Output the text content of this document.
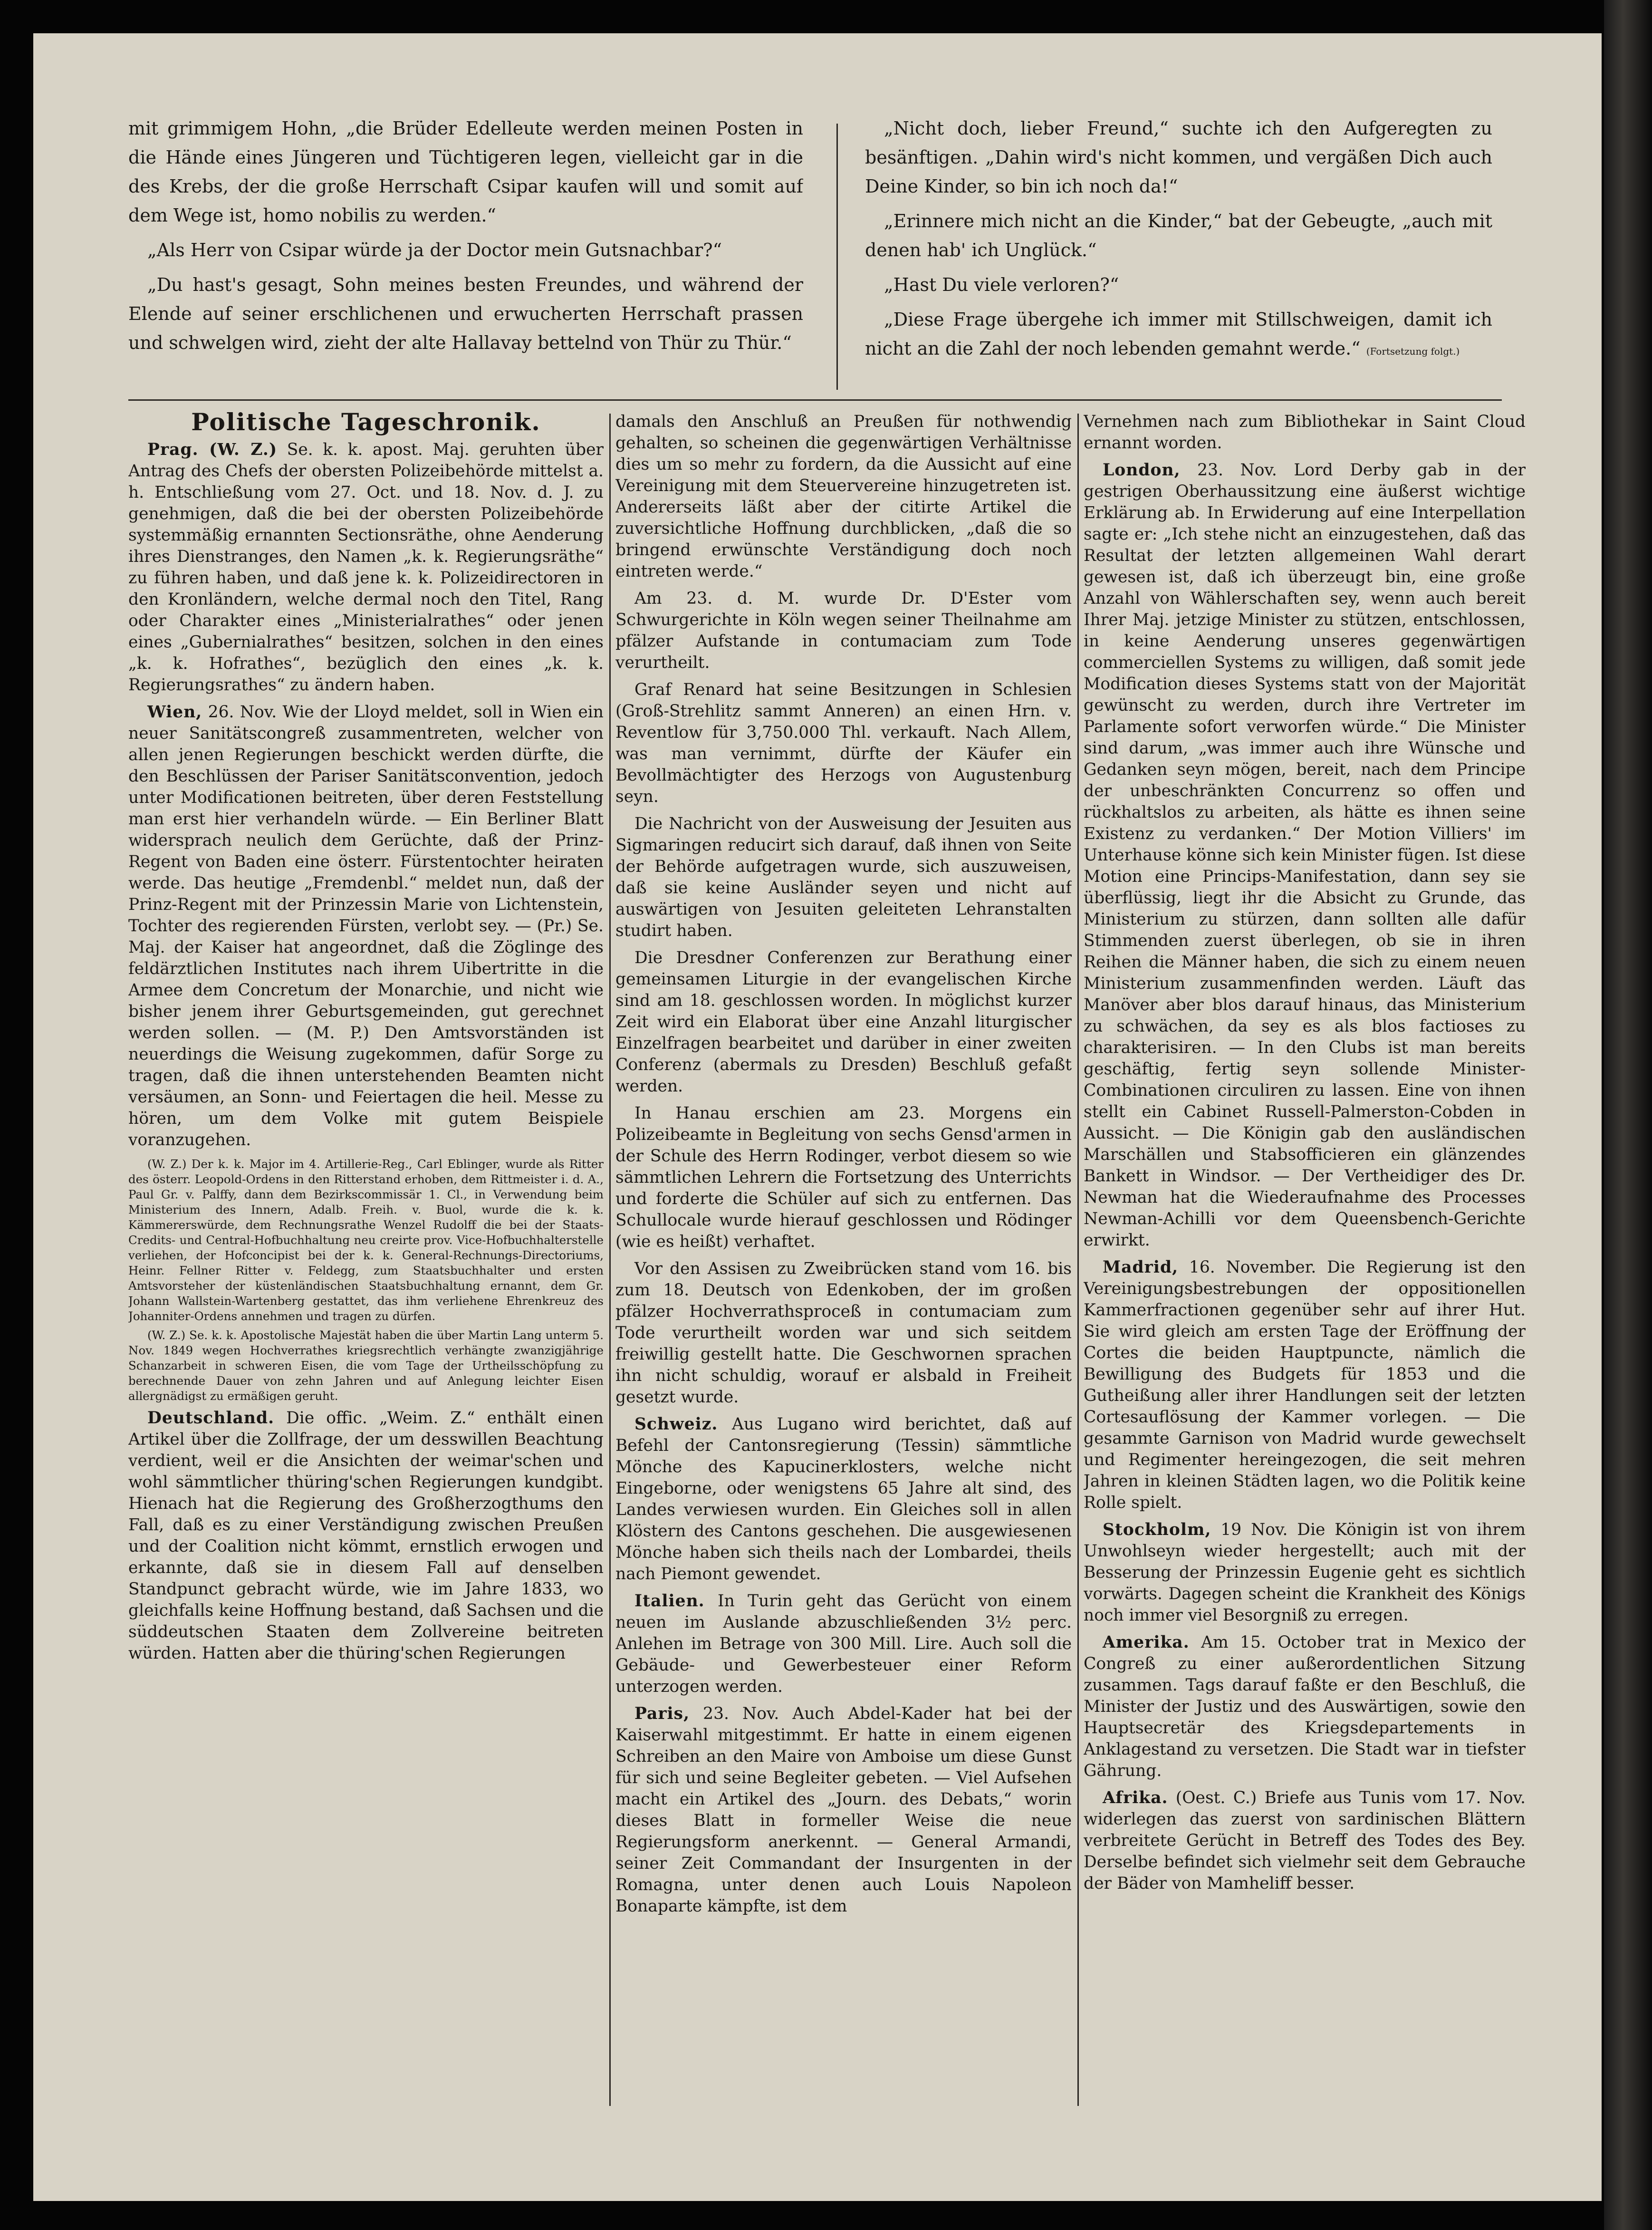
mit grimmigem Hohn, „die Brüder Edelleute werden meinen Posten in die Hände eines Jüngeren und Tüchtigeren legen, vielleicht gar in die des Krebs, der die große Herrschaft Csipar kaufen will und somit auf dem Wege ist, homo nobilis zu werden.“

„Als Herr von Csipar würde ja der Doctor mein Gutsnachbar?“

„Du hast's gesagt, Sohn meines besten Freundes, und während der Elende auf seiner erschlichenen und erwucherten Herrschaft prassen und schwelgen wird, zieht der alte Hallavay bettelnd von Thür zu Thür.“

„Nicht doch, lieber Freund,“ suchte ich den Aufgeregten zu besänftigen. „Dahin wird's nicht kommen, und vergäßen Dich auch Deine Kinder, so bin ich noch da!“

„Erinnere mich nicht an die Kinder,“ bat der Gebeugte, „auch mit denen hab' ich Unglück.“

„Hast Du viele verloren?“

„Diese Frage übergehe ich immer mit Stillschweigen, damit ich nicht an die Zahl der noch lebenden gemahnt werde.“ (Fortsetzung folgt.)

Politische Tageschronik.

Prag. (W. Z.) Se. k. k. apost. Maj. geruhten über Antrag des Chefs der obersten Polizeibehörde mittelst a. h. Entschließung vom 27. Oct. und 18. Nov. d. J. zu genehmigen, daß die bei der obersten Polizeibehörde systemmäßig ernannten Sectionsräthe, ohne Aenderung ihres Dienstranges, den Namen „k. k. Regierungsräthe“ zu führen haben, und daß jene k. k. Polizeidirectoren in den Kronländern, welche dermal noch den Titel, Rang oder Charakter eines „Ministerialrathes“ oder jenen eines „Gubernialrathes“ besitzen, solchen in den eines „k. k. Hofrathes“, bezüglich den eines „k. k. Regierungsrathes“ zu ändern haben.

Wien, 26. Nov. Wie der Lloyd meldet, soll in Wien ein neuer Sanitätscongreß zusammentreten, welcher von allen jenen Regierungen beschickt werden dürfte, die den Beschlüssen der Pariser Sanitätsconvention, jedoch unter Modificationen beitreten, über deren Feststellung man erst hier verhandeln würde. — Ein Berliner Blatt widersprach neulich dem Gerüchte, daß der Prinz-Regent von Baden eine österr. Fürstentochter heiraten werde. Das heutige „Fremdenbl.“ meldet nun, daß der Prinz-Regent mit der Prinzessin Marie von Lichtenstein, Tochter des regierenden Fürsten, verlobt sey. — (Pr.) Se. Maj. der Kaiser hat angeordnet, daß die Zöglinge des feldärztlichen Institutes nach ihrem Uibertritte in die Armee dem Concretum der Monarchie, und nicht wie bisher jenem ihrer Geburtsgemeinden, gut gerechnet werden sollen. — (M. P.) Den Amtsvorständen ist neuerdings die Weisung zugekommen, dafür Sorge zu tragen, daß die ihnen unterstehenden Beamten nicht versäumen, an Sonn- und Feiertagen die heil. Messe zu hören, um dem Volke mit gutem Beispiele voranzugehen.

(W. Z.) Der k. k. Major im 4. Artillerie-Reg., Carl Eblinger, wurde als Ritter des österr. Leopold-Ordens in den Ritterstand erhoben, dem Rittmeister i. d. A., Paul Gr. v. Palffy, dann dem Bezirkscommissär 1. Cl., in Verwendung beim Ministerium des Innern, Adalb. Freih. v. Buol, wurde die k. k. Kämmererswürde, dem Rechnungsrathe Wenzel Rudolff die bei der Staats-Credits- und Central-Hofbuchhaltung neu creirte prov. Vice-Hofbuchhalterstelle verliehen, der Hofconcipist bei der k. k. General-Rechnungs-Directoriums, Heinr. Fellner Ritter v. Feldegg, zum Staatsbuchhalter und ersten Amtsvorsteher der küstenländischen Staatsbuchhaltung ernannt, dem Gr. Johann Wallstein-Wartenberg gestattet, das ihm verliehene Ehrenkreuz des Johanniter-Ordens annehmen und tragen zu dürfen.

(W. Z.) Se. k. k. Apostolische Majestät haben die über Martin Lang unterm 5. Nov. 1849 wegen Hochverrathes kriegsrechtlich verhängte zwanzigjährige Schanzarbeit in schweren Eisen, die vom Tage der Urtheilsschöpfung zu berechnende Dauer von zehn Jahren und auf Anlegung leichter Eisen allergnädigst zu ermäßigen geruht.

Deutschland. Die offic. „Weim. Z.“ enthält einen Artikel über die Zollfrage, der um desswillen Beachtung verdient, weil er die Ansichten der weimar'schen und wohl sämmtlicher thüring'schen Regierungen kundgibt. Hienach hat die Regierung des Großherzogthums den Fall, daß es zu einer Verständigung zwischen Preußen und der Coalition nicht kömmt, ernstlich erwogen und erkannte, daß sie in diesem Fall auf denselben Standpunct gebracht würde, wie im Jahre 1833, wo gleichfalls keine Hoffnung bestand, daß Sachsen und die süddeutschen Staaten dem Zollvereine beitreten würden. Hatten aber die thüring'schen Regierungen

damals den Anschluß an Preußen für nothwendig gehalten, so scheinen die gegenwärtigen Verhältnisse dies um so mehr zu fordern, da die Aussicht auf eine Vereinigung mit dem Steuervereine hinzugetreten ist. Andererseits läßt aber der citirte Artikel die zuversichtliche Hoffnung durchblicken, „daß die so bringend erwünschte Verständigung doch noch eintreten werde.“

Am 23. d. M. wurde Dr. D'Ester vom Schwurgerichte in Köln wegen seiner Theilnahme am pfälzer Aufstande in contumaciam zum Tode verurtheilt.

Graf Renard hat seine Besitzungen in Schlesien (Groß-Strehlitz sammt Anneren) an einen Hrn. v. Reventlow für 3,750.000 Thl. verkauft. Nach Allem, was man vernimmt, dürfte der Käufer ein Bevollmächtigter des Herzogs von Augustenburg seyn.

Die Nachricht von der Ausweisung der Jesuiten aus Sigmaringen reducirt sich darauf, daß ihnen von Seite der Behörde aufgetragen wurde, sich auszuweisen, daß sie keine Ausländer seyen und nicht auf auswärtigen von Jesuiten geleiteten Lehranstalten studirt haben.

Die Dresdner Conferenzen zur Berathung einer gemeinsamen Liturgie in der evangelischen Kirche sind am 18. geschlossen worden. In möglichst kurzer Zeit wird ein Elaborat über eine Anzahl liturgischer Einzelfragen bearbeitet und darüber in einer zweiten Conferenz (abermals zu Dresden) Beschluß gefaßt werden.

In Hanau erschien am 23. Morgens ein Polizeibeamte in Begleitung von sechs Gensd'armen in der Schule des Herrn Rodinger, verbot diesem so wie sämmtlichen Lehrern die Fortsetzung des Unterrichts und forderte die Schüler auf sich zu entfernen. Das Schullocale wurde hierauf geschlossen und Rödinger (wie es heißt) verhaftet.

Vor den Assisen zu Zweibrücken stand vom 16. bis zum 18. Deutsch von Edenkoben, der im großen pfälzer Hochverrathsproceß in contumaciam zum Tode verurtheilt worden war und sich seitdem freiwillig gestellt hatte. Die Geschwornen sprachen ihn nicht schuldig, worauf er alsbald in Freiheit gesetzt wurde.

Schweiz. Aus Lugano wird berichtet, daß auf Befehl der Cantonsregierung (Tessin) sämmtliche Mönche des Kapucinerklosters, welche nicht Eingeborne, oder wenigstens 65 Jahre alt sind, des Landes verwiesen wurden. Ein Gleiches soll in allen Klöstern des Cantons geschehen. Die ausgewiesenen Mönche haben sich theils nach der Lombardei, theils nach Piemont gewendet.

Italien. In Turin geht das Gerücht von einem neuen im Auslande abzuschließenden 3½ perc. Anlehen im Betrage von 300 Mill. Lire. Auch soll die Gebäude- und Gewerbesteuer einer Reform unterzogen werden.

Paris, 23. Nov. Auch Abdel-Kader hat bei der Kaiserwahl mitgestimmt. Er hatte in einem eigenen Schreiben an den Maire von Amboise um diese Gunst für sich und seine Begleiter gebeten. — Viel Aufsehen macht ein Artikel des „Journ. des Debats,“ worin dieses Blatt in formeller Weise die neue Regierungsform anerkennt. — General Armandi, seiner Zeit Commandant der Insurgenten in der Romagna, unter denen auch Louis Napoleon Bonaparte kämpfte, ist dem

Vernehmen nach zum Bibliothekar in Saint Cloud ernannt worden.

London, 23. Nov. Lord Derby gab in der gestrigen Oberhaussitzung eine äußerst wichtige Erklärung ab. In Erwiderung auf eine Interpellation sagte er: „Ich stehe nicht an einzugestehen, daß das Resultat der letzten allgemeinen Wahl derart gewesen ist, daß ich überzeugt bin, eine große Anzahl von Wählerschaften sey, wenn auch bereit Ihrer Maj. jetzige Minister zu stützen, entschlossen, in keine Aenderung unseres gegenwärtigen commerciellen Systems zu willigen, daß somit jede Modification dieses Systems statt von der Majorität gewünscht zu werden, durch ihre Vertreter im Parlamente sofort verworfen würde.“ Die Minister sind darum, „was immer auch ihre Wünsche und Gedanken seyn mögen, bereit, nach dem Principe der unbeschränkten Concurrenz so offen und rückhaltslos zu arbeiten, als hätte es ihnen seine Existenz zu verdanken.“ Der Motion Villiers' im Unterhause könne sich kein Minister fügen. Ist diese Motion eine Princips-Manifestation, dann sey sie überflüssig, liegt ihr die Absicht zu Grunde, das Ministerium zu stürzen, dann sollten alle dafür Stimmenden zuerst überlegen, ob sie in ihren Reihen die Männer haben, die sich zu einem neuen Ministerium zusammenfinden werden. Läuft das Manöver aber blos darauf hinaus, das Ministerium zu schwächen, da sey es als blos factioses zu charakterisiren. — In den Clubs ist man bereits geschäftig, fertig seyn sollende Minister-Combinationen circuliren zu lassen. Eine von ihnen stellt ein Cabinet Russell-Palmerston-Cobden in Aussicht. — Die Königin gab den ausländischen Marschällen und Stabsofficieren ein glänzendes Bankett in Windsor. — Der Vertheidiger des Dr. Newman hat die Wiederaufnahme des Processes Newman-Achilli vor dem Queensbench-Gerichte erwirkt.

Madrid, 16. November. Die Regierung ist den Vereinigungsbestrebungen der oppositionellen Kammerfractionen gegenüber sehr auf ihrer Hut. Sie wird gleich am ersten Tage der Eröffnung der Cortes die beiden Hauptpuncte, nämlich die Bewilligung des Budgets für 1853 und die Gutheißung aller ihrer Handlungen seit der letzten Cortesauflösung der Kammer vorlegen. — Die gesammte Garnison von Madrid wurde gewechselt und Regimenter hereingezogen, die seit mehren Jahren in kleinen Städten lagen, wo die Politik keine Rolle spielt.

Stockholm, 19 Nov. Die Königin ist von ihrem Unwohlseyn wieder hergestellt; auch mit der Besserung der Prinzessin Eugenie geht es sichtlich vorwärts. Dagegen scheint die Krankheit des Königs noch immer viel Besorgniß zu erregen.

Amerika. Am 15. October trat in Mexico der Congreß zu einer außerordentlichen Sitzung zusammen. Tags darauf faßte er den Beschluß, die Minister der Justiz und des Auswärtigen, sowie den Hauptsecretär des Kriegsdepartements in Anklagestand zu versetzen. Die Stadt war in tiefster Gährung.

Afrika. (Oest. C.) Briefe aus Tunis vom 17. Nov. widerlegen das zuerst von sardinischen Blättern verbreitete Gerücht in Betreff des Todes des Bey. Derselbe befindet sich vielmehr seit dem Gebrauche der Bäder von Mamheliff besser.
